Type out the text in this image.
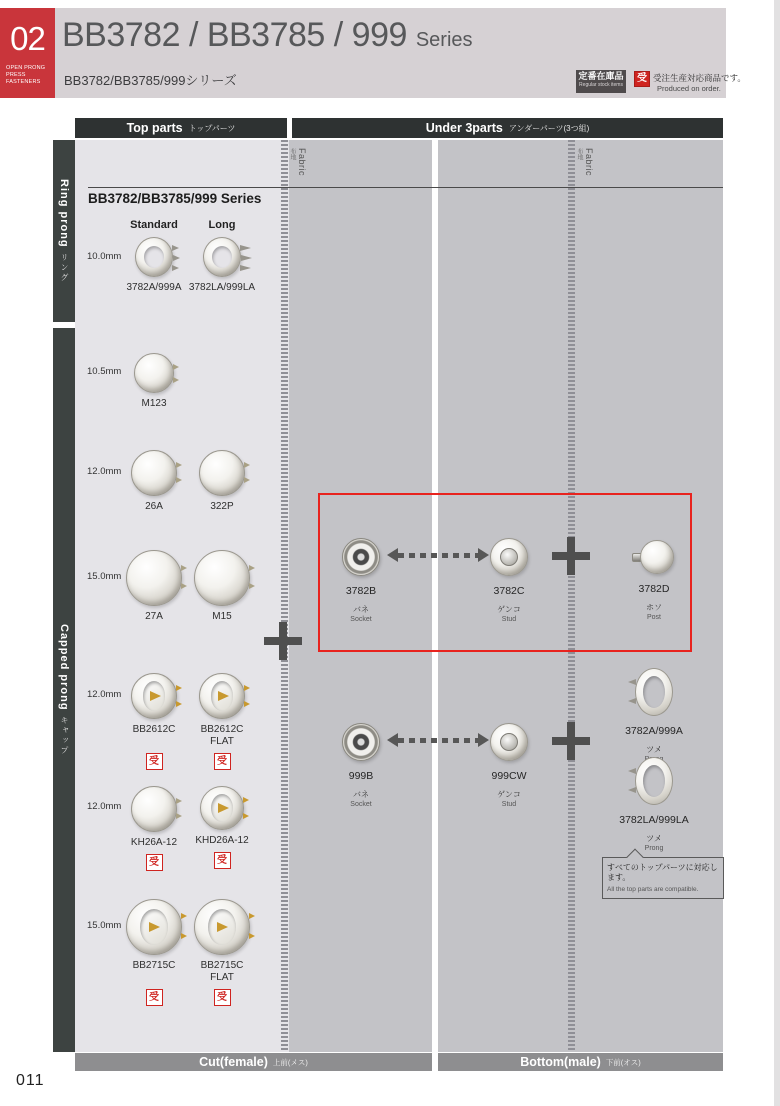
02
OPEN PRONG
PRESS
FASTENERS
BB3782 / BB3785 / 999 Series
BB3782/BB3785/999シリーズ	定番在庫品
Regular stock items
受 受注生産対応商品です。
Produced on order.
Top parts トップパーツ	Under 3parts アンダーパーツ(3つ組)
Ring prongリング
Capped prongキャップ
Fabric
布地	Fabric
布地
BB3782/BB3785/999 Series
Standard	Long
10.0mm
3782A/999A 3782LA/999LA
10.5mm
M123
12.0mm
26A	322P
15.0mm
27A	M15
12.0mm
BB2612C
受
BB2612C
FLAT
受
12.0mm
KH26A-12
受
KHD26A-12
受
15.0mm
BB2715C
受
BB2715C
FLAT
受
3782B
バネ
Socket
3782C
ゲンコ
Stud
3782D
ホソ
Post
999B
バネ
Socket
999CW
ゲンコ
Stud
3782A/999A
ツメ
3782LA/999LA
ツメ
Prong
すべてのトップパーツに対応します。
All the top parts are compatible.
Cut(female) 上前(メス)	Bottom(male) 下前(オス)
011
